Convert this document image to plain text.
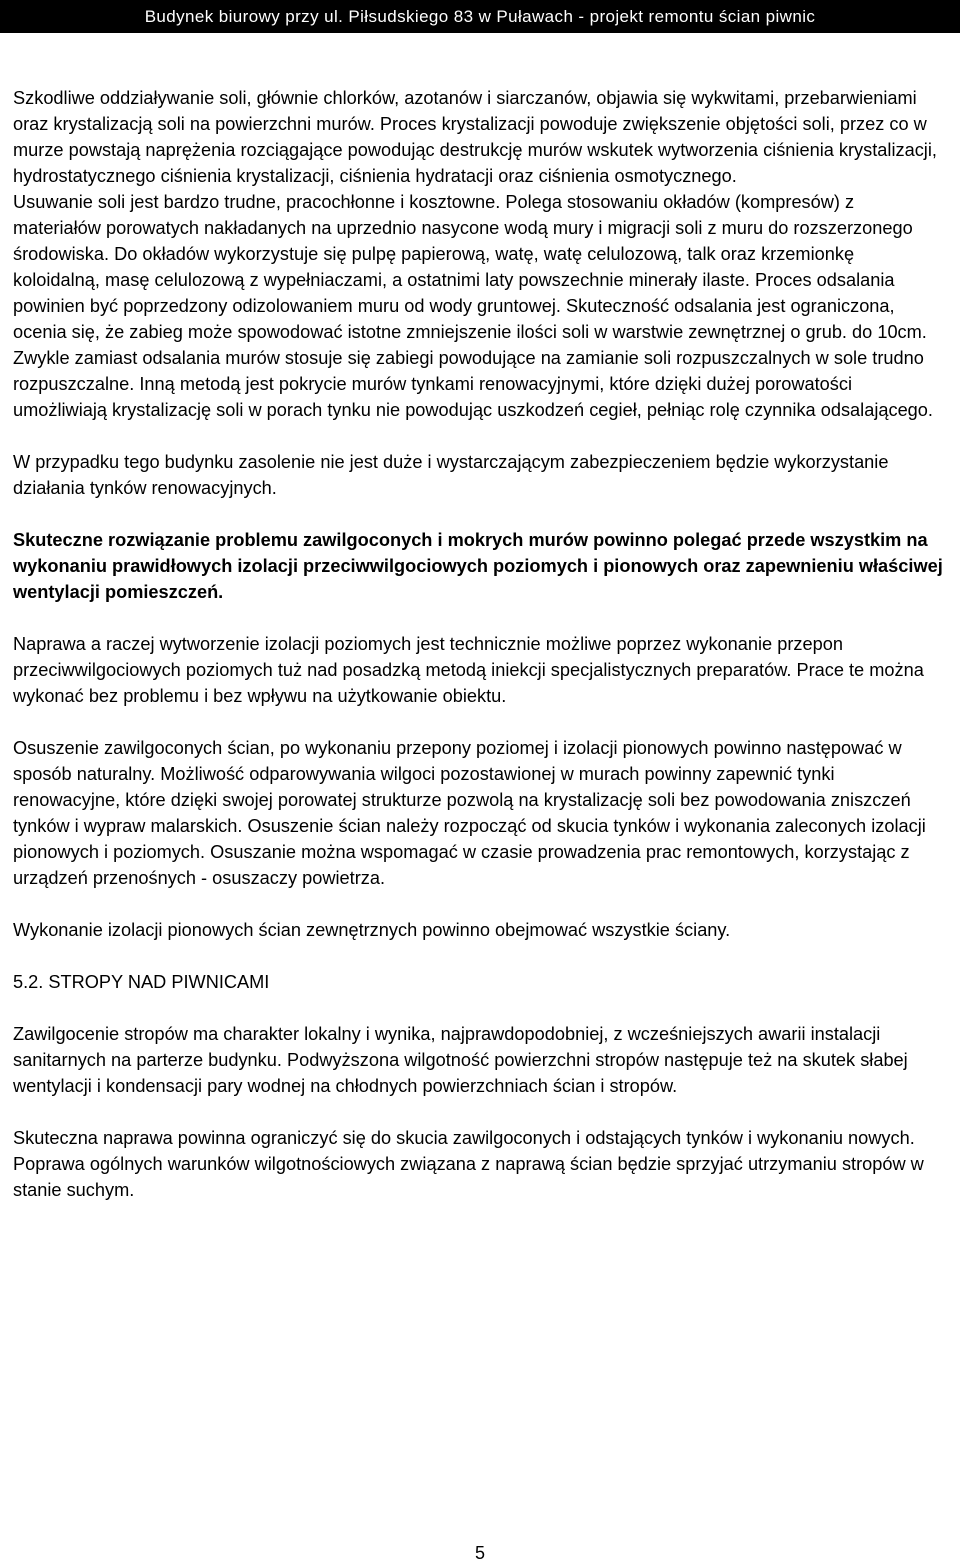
Budynek biurowy przy ul. Piłsudskiego 83 w Puławach - projekt remontu ścian piwnic

Szkodliwe oddziaływanie soli, głównie chlorków, azotanów i siarczanów, objawia się wykwitami, przebarwieniami oraz krystalizacją soli na powierzchni murów. Proces krystalizacji powoduje zwiększenie objętości soli, przez co w murze powstają naprężenia rozciągające powodując destrukcję murów wskutek wytworzenia ciśnienia krystalizacji, hydrostatycznego ciśnienia krystalizacji, ciśnienia hydratacji oraz ciśnienia osmotycznego.

Usuwanie soli jest bardzo trudne, pracochłonne i kosztowne. Polega stosowaniu okładów (kompresów) z materiałów porowatych nakładanych na uprzednio nasycone wodą mury i migracji soli z muru do rozszerzonego środowiska. Do okładów wykorzystuje się pulpę papierową, watę, watę celulozową, talk oraz krzemionkę koloidalną, masę celulozową z wypełniaczami, a ostatnimi laty powszechnie minerały ilaste. Proces odsalania powinien być poprzedzony odizolowaniem muru od wody gruntowej. Skuteczność odsalania jest ograniczona, ocenia się, że zabieg może spowodować istotne zmniejszenie ilości soli w warstwie zewnętrznej o grub. do 10cm.

Zwykle zamiast odsalania murów stosuje się zabiegi powodujące na zamianie soli rozpuszczalnych w sole trudno rozpuszczalne. Inną metodą jest pokrycie murów tynkami renowacyjnymi, które dzięki dużej porowatości umożliwiają krystalizację soli w porach tynku nie powodując uszkodzeń cegieł, pełniąc rolę czynnika odsalającego.

W przypadku tego budynku zasolenie nie jest duże i wystarczającym zabezpieczeniem będzie wykorzystanie działania tynków renowacyjnych.

Skuteczne rozwiązanie problemu zawilgoconych i mokrych murów powinno polegać przede wszystkim na wykonaniu prawidłowych izolacji przeciwwilgociowych poziomych i pionowych oraz zapewnieniu właściwej wentylacji pomieszczeń.

Naprawa a raczej wytworzenie izolacji poziomych jest technicznie możliwe poprzez wykonanie przepon przeciwwilgociowych poziomych tuż nad posadzką metodą iniekcji specjalistycznych preparatów. Prace te można wykonać bez problemu i bez wpływu na użytkowanie obiektu.

Osuszenie zawilgoconych ścian, po wykonaniu przepony poziomej i izolacji pionowych powinno następować w sposób naturalny. Możliwość odparowywania wilgoci pozostawionej w murach powinny zapewnić tynki renowacyjne, które dzięki swojej porowatej strukturze pozwolą na krystalizację soli bez powodowania zniszczeń tynków i wypraw malarskich. Osuszenie ścian należy rozpocząć od skucia tynków i wykonania zaleconych izolacji pionowych i poziomych. Osuszanie można wspomagać w czasie prowadzenia prac remontowych, korzystając z urządzeń przenośnych - osuszaczy powietrza.

Wykonanie izolacji pionowych ścian zewnętrznych powinno obejmować wszystkie ściany.

5.2. STROPY NAD PIWNICAMI

Zawilgocenie stropów ma charakter lokalny i wynika, najprawdopodobniej, z wcześniejszych awarii instalacji sanitarnych na parterze budynku. Podwyższona wilgotność powierzchni stropów następuje też na skutek słabej wentylacji i kondensacji pary wodnej na chłodnych powierzchniach ścian i stropów.

Skuteczna naprawa powinna ograniczyć się do skucia zawilgoconych i odstających tynków i wykonaniu nowych. Poprawa ogólnych warunków wilgotnościowych związana z naprawą ścian będzie sprzyjać utrzymaniu stropów w stanie suchym.

5
